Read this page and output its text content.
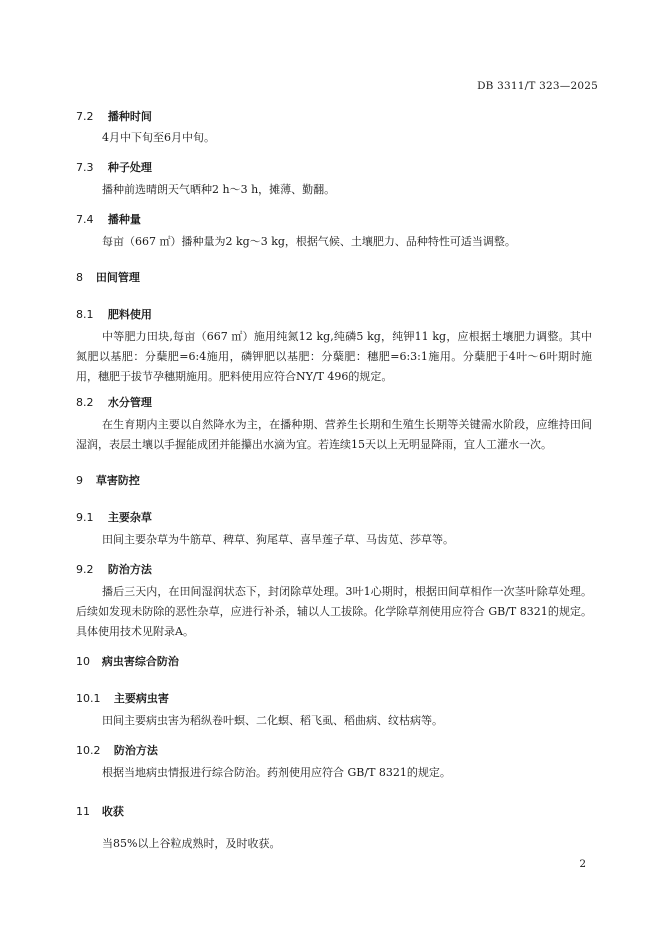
DB 3311/T 323—2025
7.2 播种时间
4月中下旬至6月中旬。
7.3 种子处理
播种前选晴朗天气晒种2 h～3 h，摊薄、勤翻。
7.4 播种量
每亩（667 ㎡）播种量为2 kg～3 kg，根据气候、土壤肥力、品种特性可适当调整。
8 田间管理
8.1 肥料使用
中等肥力田块,每亩（667 ㎡）施用纯氮12 kg,纯磷5 kg，纯钾11 kg，应根据土壤肥力调整。其中氮肥以基肥：分蘖肥=6:4施用，磷钾肥以基肥：分蘖肥：穗肥=6:3:1施用。分蘖肥于4叶～6叶期时施用，穗肥于拔节孕穗期施用。肥料使用应符合NY/T 496的规定。
8.2 水分管理
在生育期内主要以自然降水为主，在播种期、营养生长期和生殖生长期等关键需水阶段，应维持田间湿润，表层土壤以手握能成团并能攥出水滴为宜。若连续15天以上无明显降雨，宜人工灌水一次。
9 草害防控
9.1 主要杂草
田间主要杂草为牛筋草、稗草、狗尾草、喜旱莲子草、马齿苋、莎草等。
9.2 防治方法
播后三天内，在田间湿润状态下，封闭除草处理。3叶1心期时，根据田间草相作一次茎叶除草处理。后续如发现未防除的恶性杂草，应进行补杀，辅以人工拔除。化学除草剂使用应符合 GB/T 8321的规定。具体使用技术见附录A。
10 病虫害综合防治
10.1 主要病虫害
田间主要病虫害为稻纵卷叶螟、二化螟、稻飞虱、稻曲病、纹枯病等。
10.2 防治方法
根据当地病虫情报进行综合防治。药剂使用应符合 GB/T 8321的规定。
11 收获
当85%以上谷粒成熟时，及时收获。
2
